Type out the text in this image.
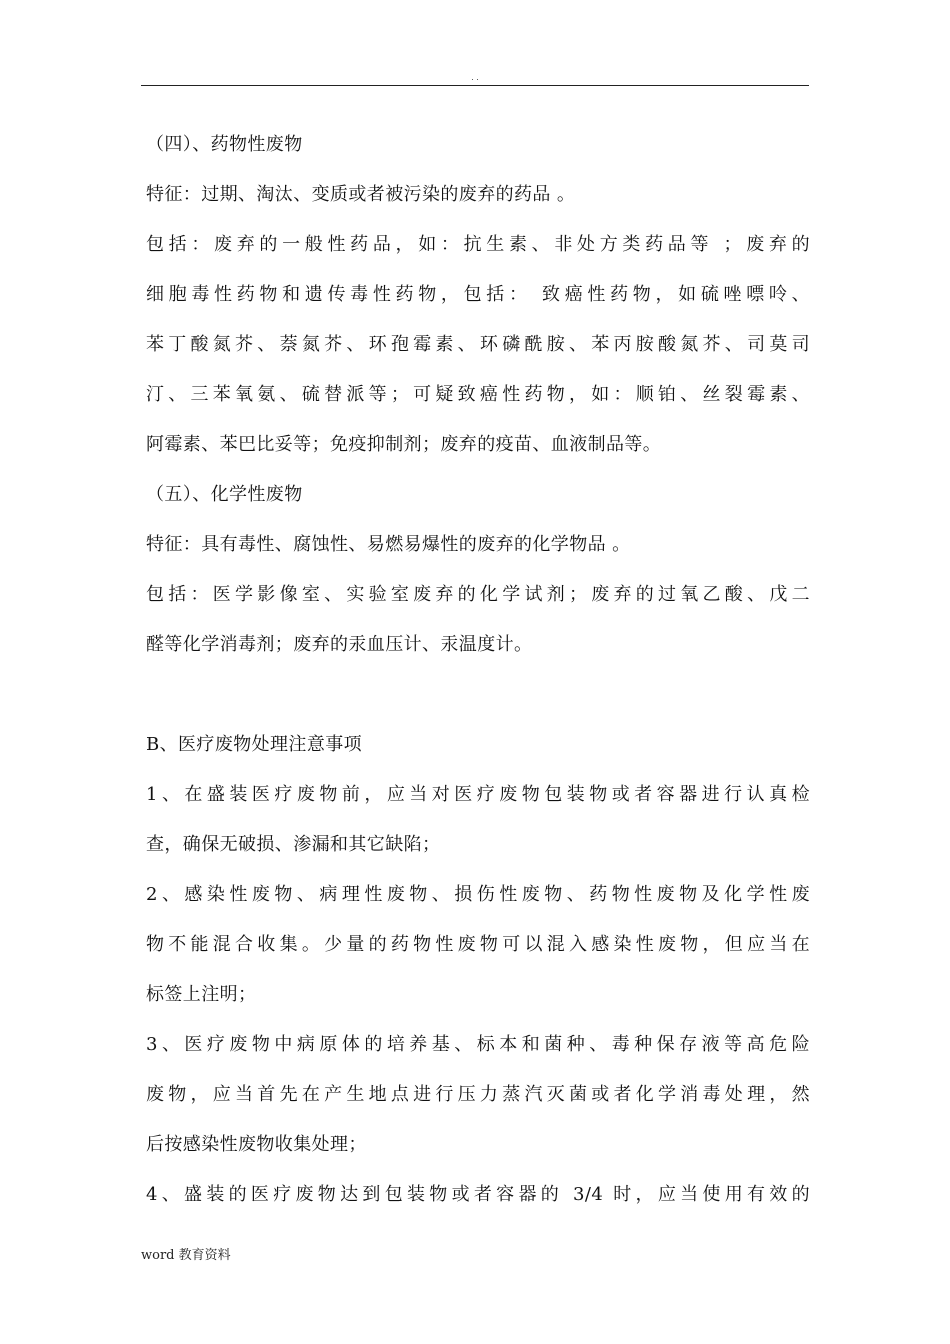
. .
（四）、药物性废物
特征：过期、淘汰、变质或者被污染的废弃的药品 。
包括：废弃的一般性药品，如：抗生素、非处方类药品等 ；废弃的
细胞毒性药物和遗传毒性药物，包括： 致癌性药物，如硫唑嘌呤、
苯丁酸氮芥、萘氮芥、环孢霉素、环磷酰胺、苯丙胺酸氮芥、司莫司
汀、三苯氧氨、硫替派等；可疑致癌性药物，如：顺铂、丝裂霉素、
阿霉素、苯巴比妥等；免疫抑制剂；废弃的疫苗、血液制品等。
（五）、化学性废物
特征：具有毒性、腐蚀性、易燃易爆性的废弃的化学物品 。
包括：医学影像室、实验室废弃的化学试剂；废弃的过氧乙酸、戊二
醛等化学消毒剂；废弃的汞血压计、汞温度计。
B、医疗废物处理注意事项
1、在盛装医疗废物前，应当对医疗废物包装物或者容器进行认真检
查，确保无破损、渗漏和其它缺陷；
2、感染性废物、病理性废物、损伤性废物、药物性废物及化学性废
物不能混合收集。少量的药物性废物可以混入感染性废物，但应当在
标签上注明；
3、医疗废物中病原体的培养基、标本和菌种、毒种保存液等高危险
废物，应当首先在产生地点进行压力蒸汽灭菌或者化学消毒处理，然
后按感染性废物收集处理；
4、盛装的医疗废物达到包装物或者容器的 3/4 时，应当使用有效的
word 教育资料
